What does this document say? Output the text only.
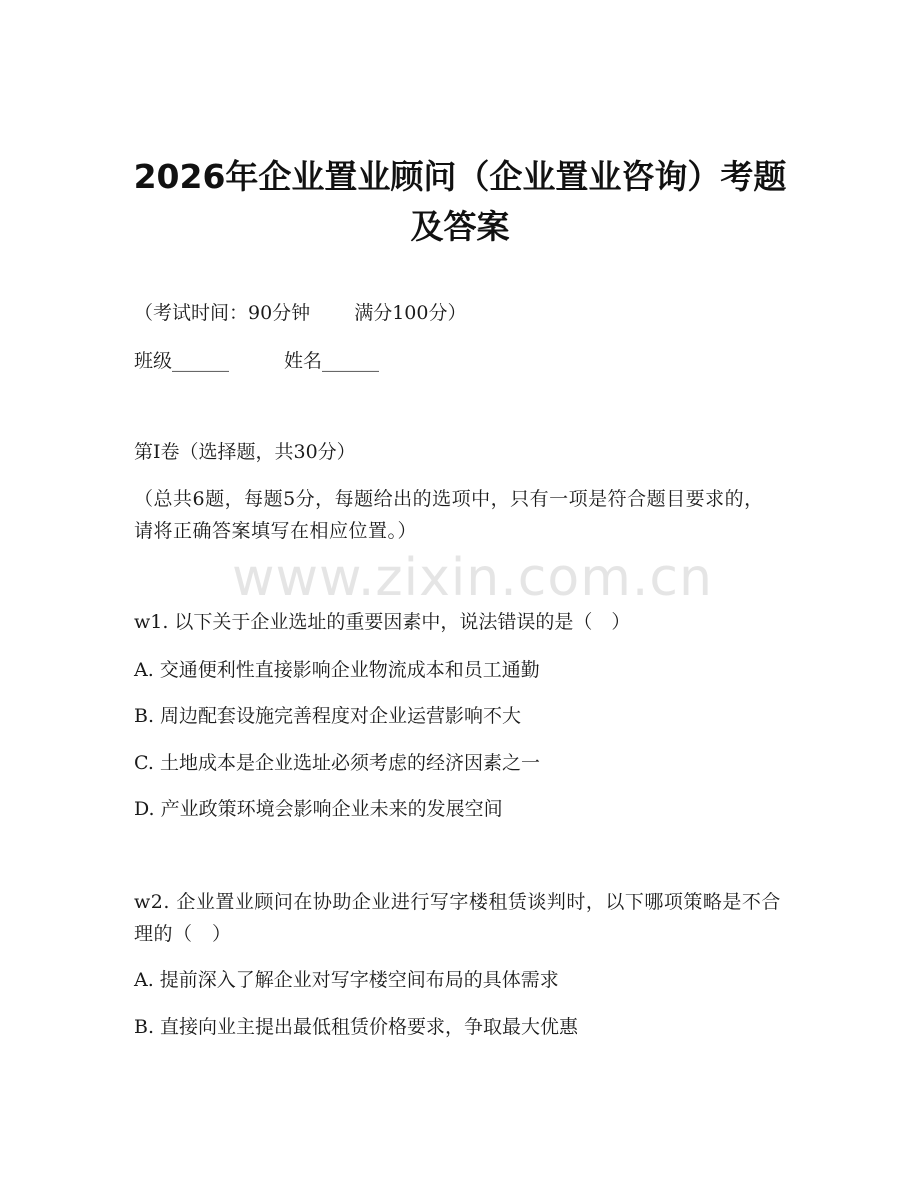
2026年企业置业顾问（企业置业咨询）考题
及答案
（考试时间：90分钟 满分100分）
班级______	姓名______
第I卷（选择题，共30分）
（总共6题，每题5分，每题给出的选项中，只有一项是符合题目要求的，请将正确答案填写在相应位置。）
www.zixin.com.cn
w1. 以下关于企业选址的重要因素中，说法错误的是（　）
A. 交通便利性直接影响企业物流成本和员工通勤
B. 周边配套设施完善程度对企业运营影响不大
C. 土地成本是企业选址必须考虑的经济因素之一
D. 产业政策环境会影响企业未来的发展空间
w2. 企业置业顾问在协助企业进行写字楼租赁谈判时，以下哪项策略是不合理的（　）
A. 提前深入了解企业对写字楼空间布局的具体需求
B. 直接向业主提出最低租赁价格要求，争取最大优惠
